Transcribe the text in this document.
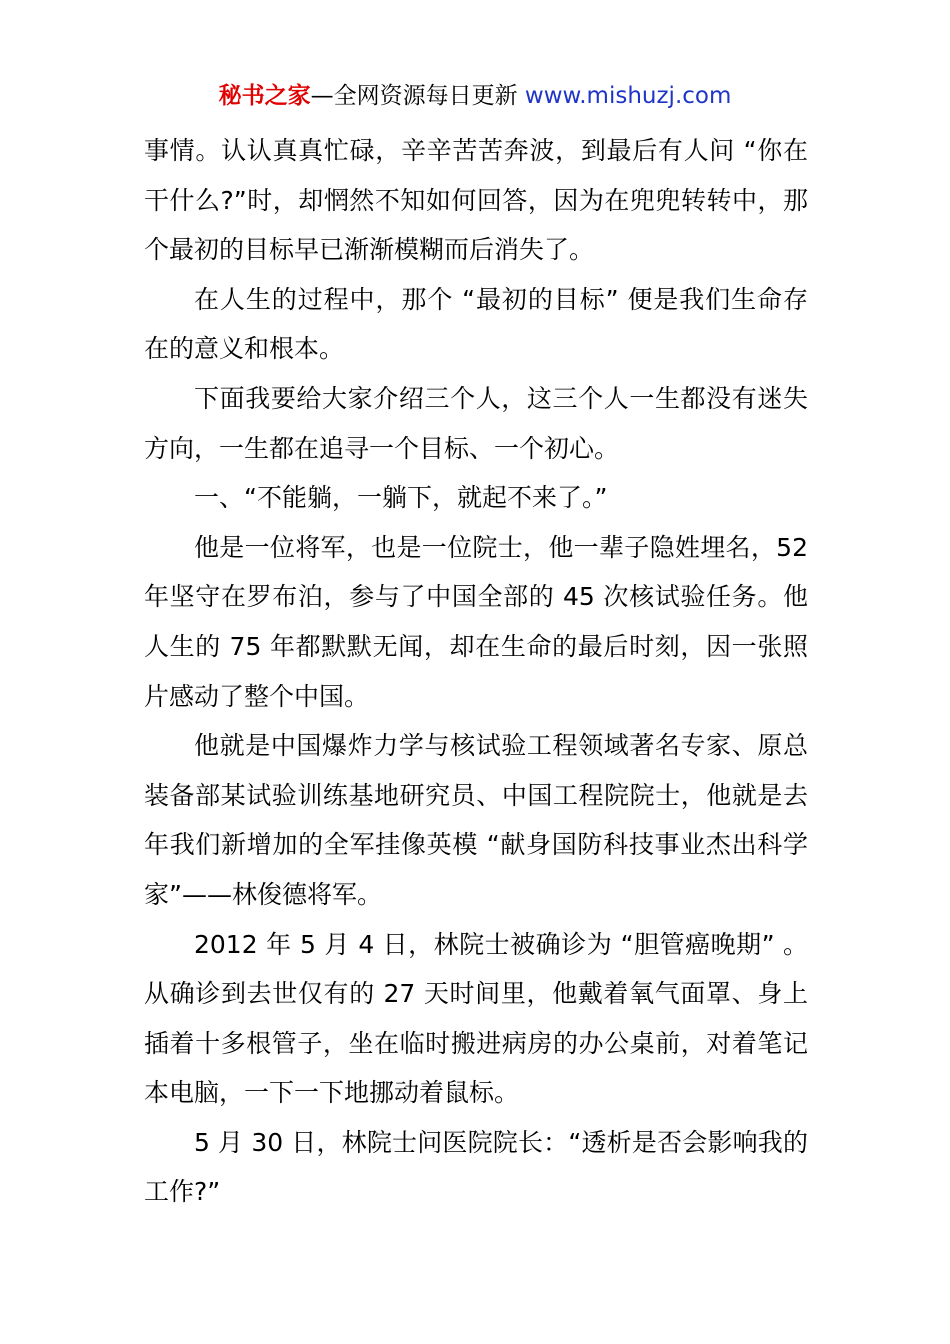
秘书之家—全网资源每日更新 www.mishuzj.com

事情。认认真真忙碌，辛辛苦苦奔波，到最后有人问 “你在干什么?”时，却惘然不知如何回答，因为在兜兜转转中，那个最初的目标早已渐渐模糊而后消失了。

在人生的过程中，那个 “最初的目标” 便是我们生命存在的意义和根本。

下面我要给大家介绍三个人，这三个人一生都没有迷失方向，一生都在追寻一个目标、一个初心。

一、“不能躺，一躺下，就起不来了。”

他是一位将军，也是一位院士，他一辈子隐姓埋名，52 年坚守在罗布泊，参与了中国全部的 45 次核试验任务。他人生的 75 年都默默无闻，却在生命的最后时刻，因一张照片感动了整个中国。

他就是中国爆炸力学与核试验工程领域著名专家、原总装备部某试验训练基地研究员、中国工程院院士，他就是去年我们新增加的全军挂像英模 “献身国防科技事业杰出科学家”——林俊德将军。

2012 年 5 月 4 日，林院士被确诊为 “胆管癌晚期” 。从确诊到去世仅有的 27 天时间里，他戴着氧气面罩、身上插着十多根管子，坐在临时搬进病房的办公桌前，对着笔记本电脑，一下一下地挪动着鼠标。

5 月 30 日，林院士问医院院长：“透析是否会影响我的工作?”
